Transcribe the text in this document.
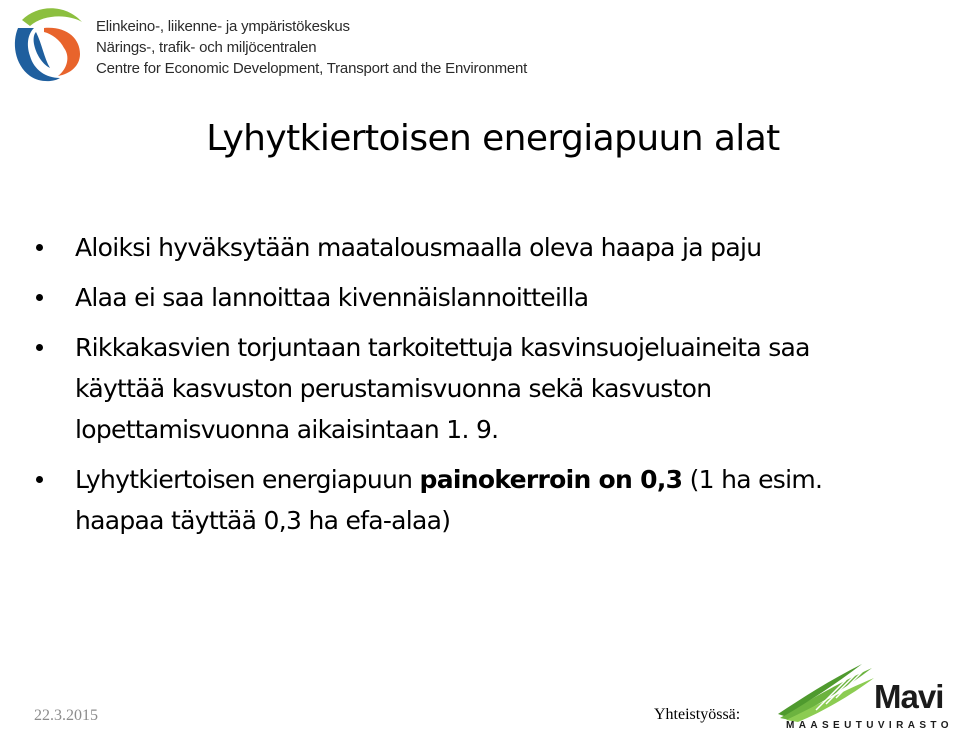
Elinkeino-, liikenne- ja ympäristökeskus
Närings-, trafik- och miljöcentralen
Centre for Economic Development, Transport and the Environment
Lyhytkiertoisen energiapuun alat
Aloiksi hyväksytään maatalousmaalla oleva haapa ja paju
Alaa ei saa lannoittaa kivennäislannoitteilla
Rikkakasvien torjuntaan tarkoitettuja kasvinsuojeluaineita saa
käyttää kasvuston perustamisvuonna sekä kasvuston
lopettamisvuonna aikaisintaan 1. 9.
Lyhytkiertoisen energiapuun painokerroin on 0,3 (1 ha esim.
haapaa täyttää 0,3 ha efa-alaa)
22.3.2015	Yhteistyössä:	Mavi
MAASEUTUVIRASTO
